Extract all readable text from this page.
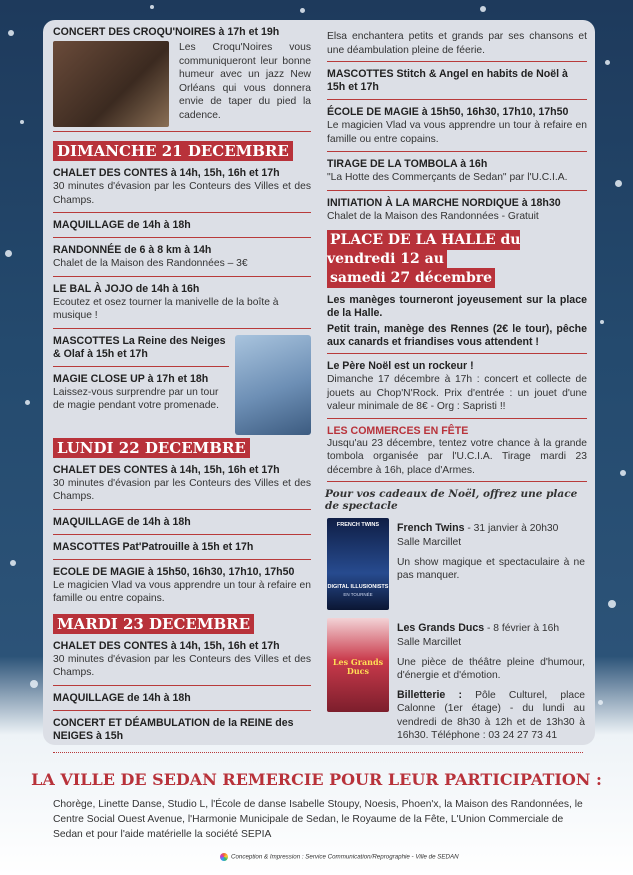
CONCERT DES CROQU'NOIRES à 17h et 19h
Les Croqu'Noires vous communiqueront leur bonne humeur avec un jazz New Orléans qui vous donnera envie de taper du pied la cadence.
DIMANCHE 21 DECEMBRE
CHALET DES CONTES à 14h, 15h, 16h et 17h
30 minutes d'évasion par les Conteurs des Villes et des Champs.
MAQUILLAGE de 14h à 18h
RANDONNÉE de 6 à 8 km à 14h
Chalet de la Maison des Randonnées – 3€
LE BAL À JOJO de 14h à 16h
Ecoutez et osez tourner la manivelle de la boîte à musique !
MASCOTTES La Reine des Neiges & Olaf à 15h et 17h
MAGIE CLOSE UP à 17h et 18h
Laissez-vous surprendre par un tour de magie pendant votre promenade.
LUNDI 22 DECEMBRE
CHALET DES CONTES à 14h, 15h, 16h et 17h
30 minutes d'évasion par les Conteurs des Villes et des Champs.
MAQUILLAGE de 14h à 18h
MASCOTTES Pat'Patrouille à 15h et 17h
ECOLE DE MAGIE à 15h50, 16h30, 17h10, 17h50
Le magicien Vlad va vous apprendre un tour à refaire en famille ou entre copains.
MARDI 23 DECEMBRE
CHALET DES CONTES à 14h, 15h, 16h et 17h
30 minutes d'évasion par les Conteurs des Villes et des Champs.
MAQUILLAGE de 14h à 18h
CONCERT ET DÉAMBULATION de la REINE des NEIGES à 15h
Elsa enchantera petits et grands par ses chansons et une déambulation pleine de féerie.
MASCOTTES Stitch & Angel en habits de Noël à 15h et 17h
ÉCOLE DE MAGIE à 15h50, 16h30, 17h10, 17h50
Le magicien Vlad va vous apprendre un tour à refaire en famille ou entre copains.
TIRAGE DE LA TOMBOLA à 16h
"La Hotte des Commerçants de Sedan" par l'U.C.I.A.
INITIATION À LA MARCHE NORDIQUE à 18h30
Chalet de la Maison des Randonnées - Gratuit
PLACE DE LA HALLE du vendredi 12 au
samedi 27 décembre
Les manèges tourneront joyeusement sur la place de la Halle.
Petit train, manège des Rennes (2€ le tour), pêche aux canards et friandises vous attendent !
Le Père Noël est un rockeur !
Dimanche 17 décembre à 17h : concert et collecte de jouets au Chop'N'Rock. Prix d'entrée : un jouet d'une valeur minimale de 8€ - Org : Sapristi !!
LES COMMERCES EN FÊTE
Jusqu'au 23 décembre, tentez votre chance à la grande tombola organisée par l'U.C.I.A. Tirage mardi 23 décembre à 16h, place d'Armes.
Pour vos cadeaux de Noël, offrez une place de spectacle
FRENCH TWINS
DIGITAL ILLUSIONISTS
EN TOURNÉE
French Twins - 31 janvier à 20h30
Salle Marcillet
Un show magique et spectaculaire à ne pas manquer.
Les Grands Ducs
Les Grands Ducs - 8 février à 16h
Salle Marcillet
Une pièce de théâtre pleine d'humour, d'énergie et d'émotion.
Billetterie : Pôle Culturel, place Calonne (1er étage) - du lundi au vendredi de 8h30 à 12h et de 13h30 à 16h30. Téléphone : 03 24 27 73 41
LA VILLE DE SEDAN REMERCIE POUR LEUR PARTICIPATION :
Chorège, Linette Danse, Studio L, l'École de danse Isabelle Stoupy, Noesis, Phoen'x, la Maison des Randonnées, le Centre Social Ouest Avenue, l'Harmonie Municipale de Sedan, le Royaume de la Fête, L'Union Commerciale de Sedan et pour l'aide matérielle la société SEPIA
Conception & Impression : Service Communication/Reprographie - Ville de SEDAN
